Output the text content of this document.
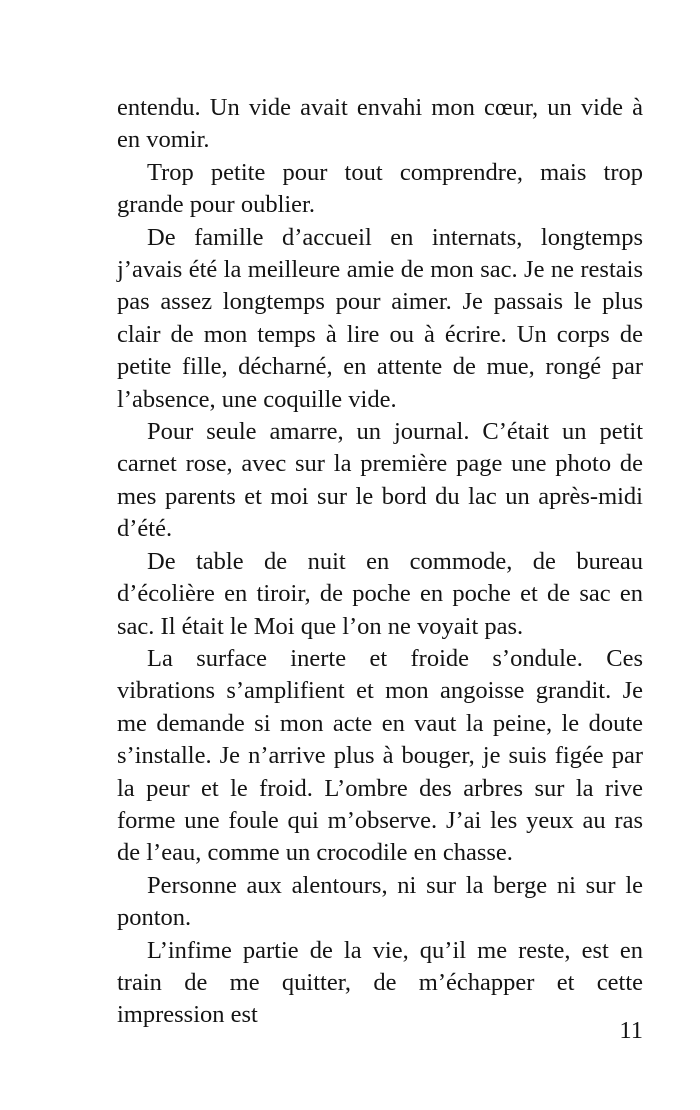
entendu. Un vide avait envahi mon cœur, un vide à en vomir.

Trop petite pour tout comprendre, mais trop grande pour oublier.

De famille d’accueil en internats, longtemps j’avais été la meilleure amie de mon sac. Je ne restais pas assez longtemps pour aimer. Je passais le plus clair de mon temps à lire ou à écrire. Un corps de petite fille, décharné, en attente de mue, rongé par l’absence, une coquille vide.

Pour seule amarre, un journal. C’était un petit carnet rose, avec sur la première page une photo de mes parents et moi sur le bord du lac un après-midi d’été.

De table de nuit en commode, de bureau d’écolière en tiroir, de poche en poche et de sac en sac. Il était le Moi que l’on ne voyait pas.

La surface inerte et froide s’ondule. Ces vibrations s’amplifient et mon angoisse grandit. Je me demande si mon acte en vaut la peine, le doute s’installe. Je n’arrive plus à bouger, je suis figée par la peur et le froid. L’ombre des arbres sur la rive forme une foule qui m’observe. J’ai les yeux au ras de l’eau, comme un crocodile en chasse.

Personne aux alentours, ni sur la berge ni sur le ponton.

L’infime partie de la vie, qu’il me reste, est en train de me quitter, de m’échapper et cette impression est

11
